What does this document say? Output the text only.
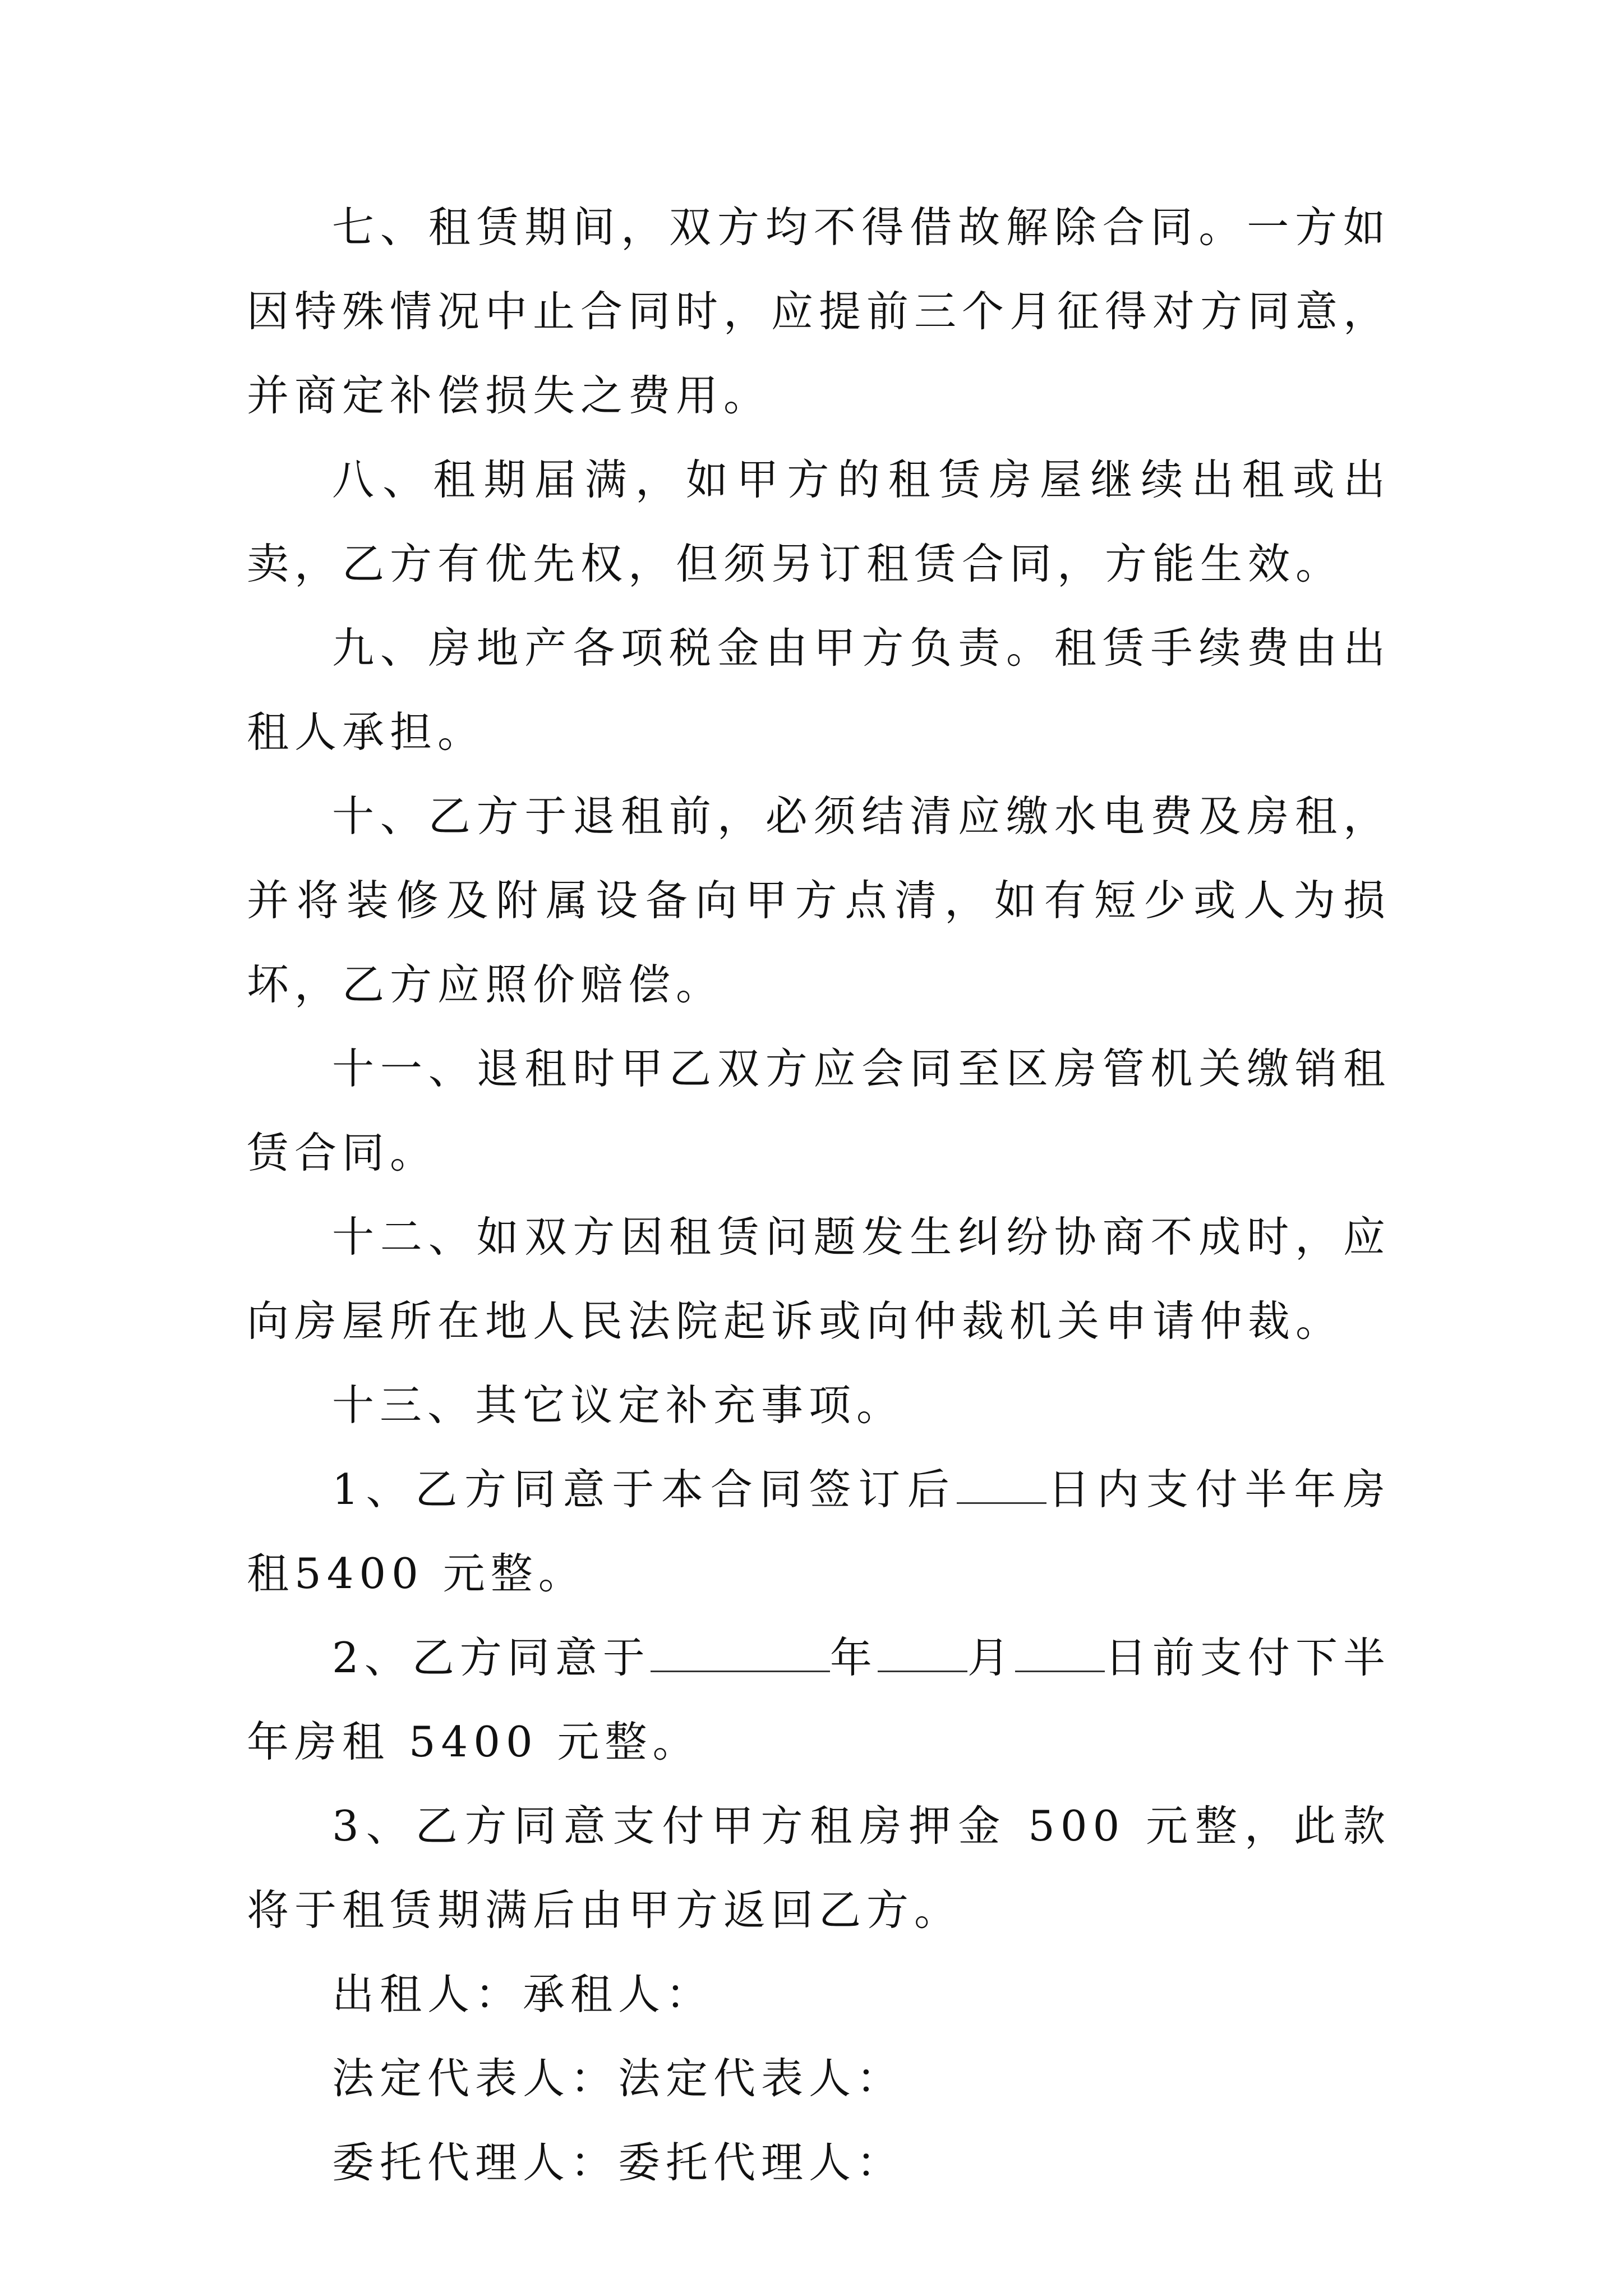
七、租赁期间，双方均不得借故解除合同。一方如因特殊情况中止合同时，应提前三个月征得对方同意，并商定补偿损失之费用。

八、租期届满，如甲方的租赁房屋继续出租或出卖，乙方有优先权，但须另订租赁合同，方能生效。

九、房地产各项税金由甲方负责。租赁手续费由出租人承担。

十、乙方于退租前，必须结清应缴水电费及房租，并将装修及附属设备向甲方点清，如有短少或人为损坏，乙方应照价赔偿。

十一、退租时甲乙双方应会同至区房管机关缴销租赁合同。

十二、如双方因租赁问题发生纠纷协商不成时，应向房屋所在地人民法院起诉或向仲裁机关申请仲裁。

十三、其它议定补充事项。

1、乙方同意于本合同签订后 日内支付半年房租5400 元整。

2、乙方同意于	年 月 日前支付下半年房租 5400 元整。

3、乙方同意支付甲方租房押金 500 元整，此款将于租赁期满后由甲方返回乙方。

出租人：承租人：

法定代表人：法定代表人：

委托代理人：委托代理人：
